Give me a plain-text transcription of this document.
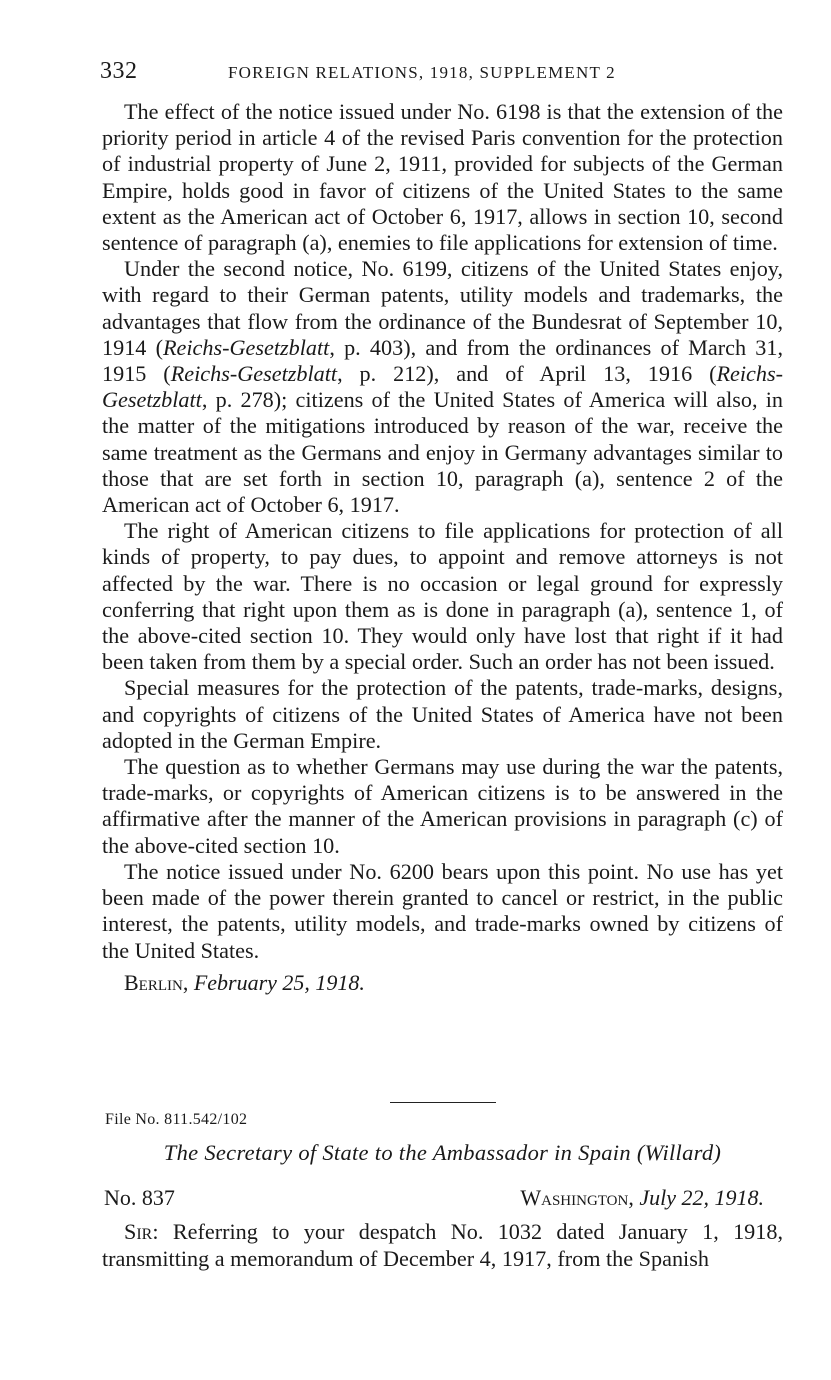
332	FOREIGN RELATIONS, 1918, SUPPLEMENT 2

The effect of the notice issued under No. 6198 is that the extension of the priority period in article 4 of the revised Paris convention for the protection of industrial property of June 2, 1911, provided for subjects of the German Empire, holds good in favor of citizens of the United States to the same extent as the American act of October 6, 1917, allows in section 10, second sentence of paragraph (a), enemies to file applications for extension of time.

Under the second notice, No. 6199, citizens of the United States enjoy, with regard to their German patents, utility models and trademarks, the advantages that flow from the ordinance of the Bundesrat of September 10, 1914 (Reichs-Gesetzblatt, p. 403), and from the ordinances of March 31, 1915 (Reichs-Gesetzblatt, p. 212), and of April 13, 1916 (Reichs-Gesetzblatt, p. 278); citizens of the United States of America will also, in the matter of the mitigations introduced by reason of the war, receive the same treatment as the Germans and enjoy in Germany advantages similar to those that are set forth in section 10, paragraph (a), sentence 2 of the American act of October 6, 1917.

The right of American citizens to file applications for protection of all kinds of property, to pay dues, to appoint and remove attorneys is not affected by the war. There is no occasion or legal ground for expressly conferring that right upon them as is done in paragraph (a), sentence 1, of the above-cited section 10. They would only have lost that right if it had been taken from them by a special order. Such an order has not been issued.

Special measures for the protection of the patents, trade-marks, designs, and copyrights of citizens of the United States of America have not been adopted in the German Empire.

The question as to whether Germans may use during the war the patents, trade-marks, or copyrights of American citizens is to be answered in the affirmative after the manner of the American provisions in paragraph (c) of the above-cited section 10.

The notice issued under No. 6200 bears upon this point. No use has yet been made of the power therein granted to cancel or restrict, in the public interest, the patents, utility models, and trade-marks owned by citizens of the United States.

Berlin, February 25, 1918.

File No. 811.542/102
The Secretary of State to the Ambassador in Spain (Willard)
No. 837	Washington, July 22, 1918.

Sir: Referring to your despatch No. 1032 dated January 1, 1918, transmitting a memorandum of December 4, 1917, from the Spanish
